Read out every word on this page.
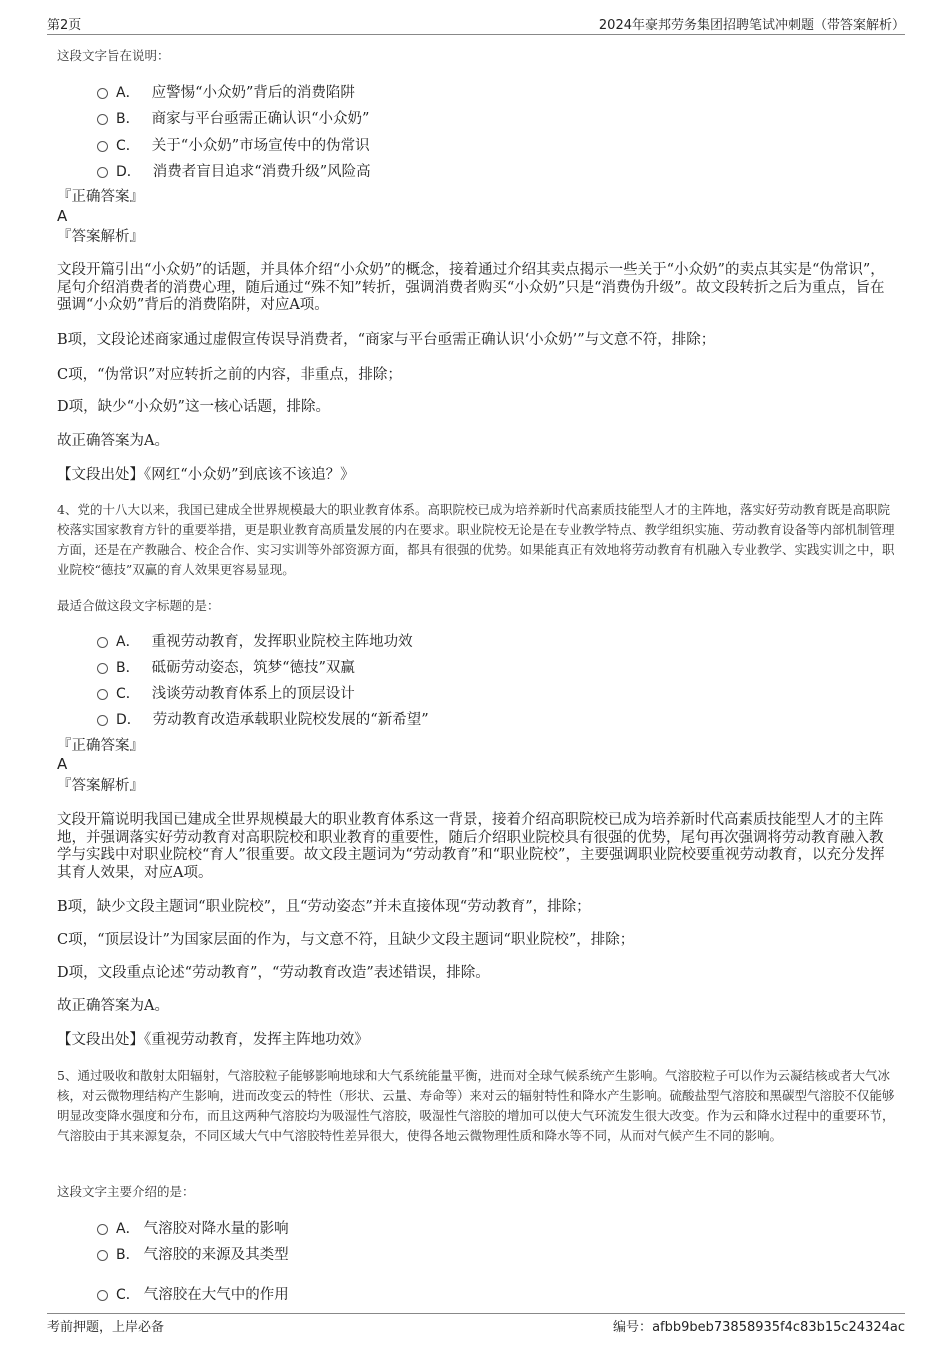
第2页	2024年豪邦劳务集团招聘笔试冲刺题（带答案解析）
这段文字旨在说明：
A． 应警惕“小众奶”背后的消费陷阱
B． 商家与平台亟需正确认识“小众奶”
C． 关于“小众奶”市场宣传中的伪常识
D． 消费者盲目追求“消费升级”风险高
『正确答案』
A
『答案解析』
文段开篇引出“小众奶”的话题，并具体介绍“小众奶”的概念，接着通过介绍其卖点揭示一些关于“小众奶”的卖点其实是“伪常识”，尾句介绍消费者的消费心理，随后通过“殊不知”转折，强调消费者购买“小众奶”只是“消费伪升级”。故文段转折之后为重点，旨在强调“小众奶”背后的消费陷阱，对应A项。
B项，文段论述商家通过虚假宣传误导消费者，“商家与平台亟需正确认识‘小众奶’”与文意不符，排除；
C项，“伪常识”对应转折之前的内容，非重点，排除；
D项，缺少“小众奶”这一核心话题，排除。
故正确答案为A。
【文段出处】《网红“小众奶”到底该不该追？》
4、党的十八大以来，我国已建成全世界规模最大的职业教育体系。高职院校已成为培养新时代高素质技能型人才的主阵地，落实好劳动教育既是高职院校落实国家教育方针的重要举措，更是职业教育高质量发展的内在要求。职业院校无论是在专业教学特点、教学组织实施、劳动教育设备等内部机制管理方面，还是在产教融合、校企合作、实习实训等外部资源方面，都具有很强的优势。如果能真正有效地将劳动教育有机融入专业教学、实践实训之中，职业院校“德技”双赢的育人效果更容易显现。
最适合做这段文字标题的是：
A． 重视劳动教育，发挥职业院校主阵地功效
B． 砥砺劳动姿态，筑梦“德技”双赢
C． 浅谈劳动教育体系上的顶层设计
D． 劳动教育改造承载职业院校发展的“新希望”
『正确答案』
A
『答案解析』
文段开篇说明我国已建成全世界规模最大的职业教育体系这一背景，接着介绍高职院校已成为培养新时代高素质技能型人才的主阵地，并强调落实好劳动教育对高职院校和职业教育的重要性，随后介绍职业院校具有很强的优势，尾句再次强调将劳动教育融入教学与实践中对职业院校“育人”很重要。故文段主题词为“劳动教育”和“职业院校”，主要强调职业院校要重视劳动教育，以充分发挥其育人效果，对应A项。
B项，缺少文段主题词“职业院校”，且“劳动姿态”并未直接体现“劳动教育”，排除；
C项，“顶层设计”为国家层面的作为，与文意不符，且缺少文段主题词“职业院校”，排除；
D项，文段重点论述“劳动教育”，“劳动教育改造”表述错误，排除。
故正确答案为A。
【文段出处】《重视劳动教育，发挥主阵地功效》
5、通过吸收和散射太阳辐射，气溶胶粒子能够影响地球和大气系统能量平衡，进而对全球气候系统产生影响。气溶胶粒子可以作为云凝结核或者大气冰核，对云微物理结构产生影响，进而改变云的特性（形状、云量、寿命等）来对云的辐射特性和降水产生影响。硫酸盐型气溶胶和黑碳型气溶胶不仅能够明显改变降水强度和分布，而且这两种气溶胶均为吸湿性气溶胶，吸湿性气溶胶的增加可以使大气环流发生很大改变。作为云和降水过程中的重要环节，气溶胶由于其来源复杂，不同区域大气中气溶胶特性差异很大，使得各地云微物理性质和降水等不同，从而对气候产生不同的影响。
这段文字主要介绍的是：
A． 气溶胶对降水量的影响
B． 气溶胶的来源及其类型
C． 气溶胶在大气中的作用
考前押题，上岸必备	编号：afbb9beb73858935f4c83b15c24324ac
